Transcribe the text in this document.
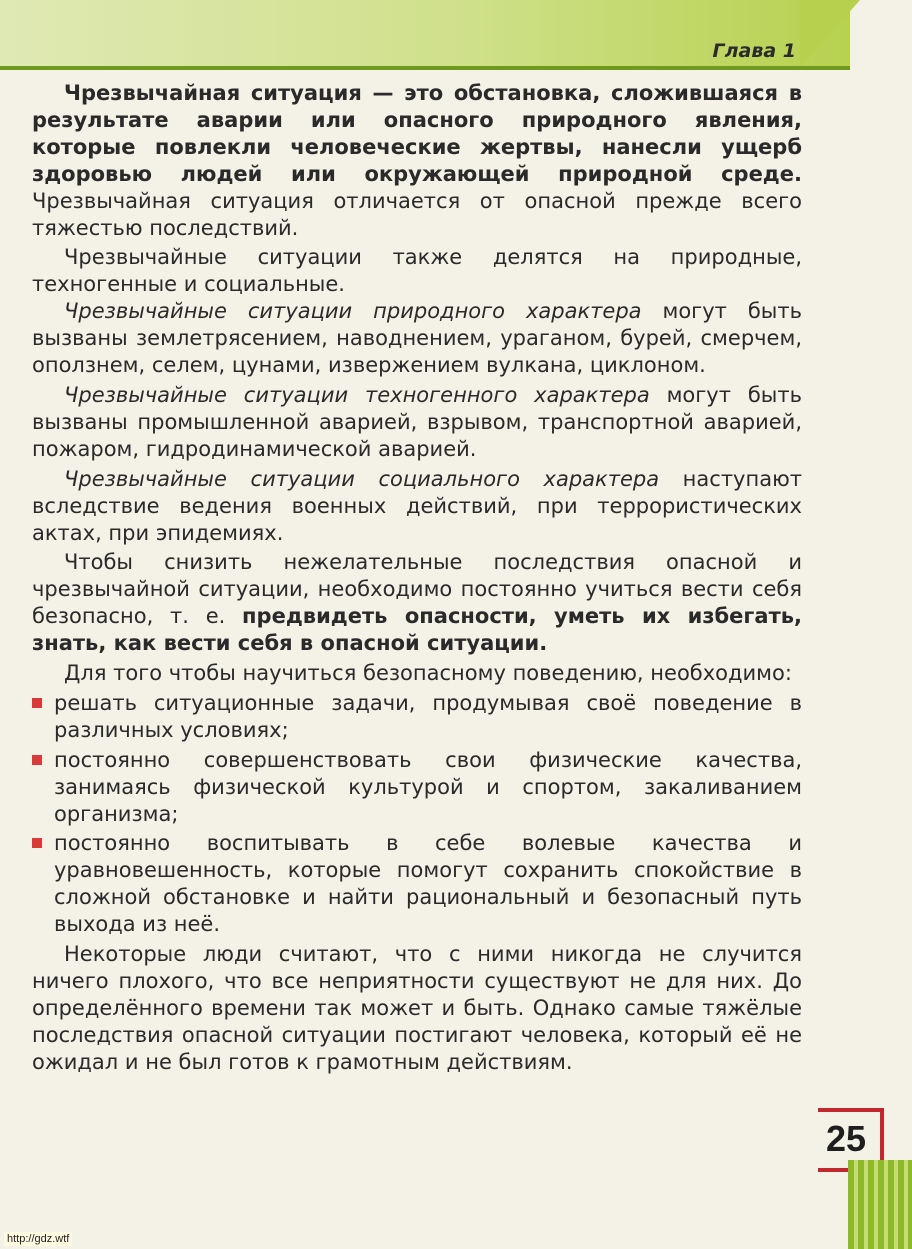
Глава 1

Чрезвычайная ситуация — это обстановка, сложившаяся в результате аварии или опасного природного явления, которые повлекли человеческие жертвы, нанесли ущерб здоровью людей или окружающей природной среде. Чрезвычайная ситуация отличается от опасной прежде всего тяжестью последствий.

Чрезвычайные ситуации также делятся на природные, техногенные и социальные.

Чрезвычайные ситуации природного характера могут быть вызваны землетрясением, наводнением, ураганом, бурей, смерчем, оползнем, селем, цунами, извержением вулкана, циклоном.

Чрезвычайные ситуации техногенного характера могут быть вызваны промышленной аварией, взрывом, транспортной аварией, пожаром, гидродинамической аварией.

Чрезвычайные ситуации социального характера наступают вследствие ведения военных действий, при террористических актах, при эпидемиях.

Чтобы снизить нежелательные последствия опасной и чрезвычайной ситуации, необходимо постоянно учиться вести себя безопасно, т. е. предвидеть опасности, уметь их избегать, знать, как вести себя в опасной ситуации.

Для того чтобы научиться безопасному поведению, необходимо:

решать ситуационные задачи, продумывая своё поведение в различных условиях;
постоянно совершенствовать свои физические качества, занимаясь физической культурой и спортом, закаливанием организма;
постоянно воспитывать в себе волевые качества и уравновешенность, которые помогут сохранить спокойствие в сложной обстановке и найти рациональный и безопасный путь выхода из неё.

Некоторые люди считают, что с ними никогда не случится ничего плохого, что все неприятности существуют не для них. До определённого времени так может и быть. Однако самые тяжёлые последствия опасной ситуации постигают человека, который её не ожидал и не был готов к грамотным действиям.

25
http://gdz.wtf
